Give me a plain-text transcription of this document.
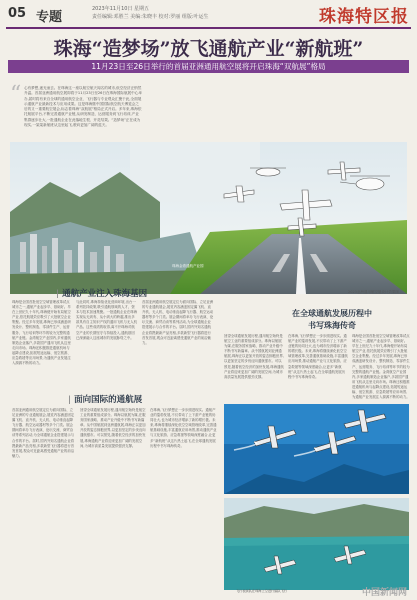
05 专题
2023年11月10日 星期五
责任编辑:邓胜兰 美编:朱晓丰 校对:罗丽 组版:叶运生	珠海特区报
珠海“造梦场”放飞通航产业“新航班”
11月23日至26日举行的首届亚洲通用航空展将开启珠海“双航展”格局
“ 心有梦想,逐光而去。在珠海这一座以航空航天闻名的城市,低空经济正悄然升温。首届亚洲通用航空展即将于11月23日至26日在珠海国际航展中心举办,届时将有来自全球的通用航空企业、飞行器与专业观众汇聚于此,全面展示通航产业最新技术与应用成果。这是珠海继中国国际航空航天博览会之后的又一重要航空展会,标志着珠海“双航展”格局正式开启。多年来,珠海依托航展平台,不断完善通航产业链,从研发制造、运营服务到飞行培训,产业集群逐步壮大,一批通航企业在此落地生根、开花结果。“造梦场”正在成为现实,一架架新航班从这里起飞,驶向更加广阔的蓝天。
珠海金湾通航产业园
2023亚洲通用航空展设计效果图
| 通航产业注入珠海基因
珠海是全国首批低空空域管理改革试点城市之一,通航产业起步早、基础好。早在上世纪九十年代,珠海便开始布局航空产业,依托航展效应吸引了大批航空企业集聚。经过多年发展,珠海已形成涵盖研发设计、整机制造、零部件生产、运营服务、飞行培训等环节的较为完整的通航产业链。金湾航空产业园内,多家通航制造企业落户,多款国产通用飞机从这里走向市场。珠海还积极推进通航机场与起降点建设,拓展短途运输、低空旅游、应急救援等应用场景,为通航产业发展注入源源不断的动力。
与此同时,珠海持续优化营商环境,出台一系列扶持政策,吸引通航领域的人才、资本与技术加速集聚。一批通航企业在珠海实现从无到有、从小到大的跨越,推出多款具有自主知识产权的通用飞机与无人机产品。这些成绩的取得,离不开珠海对航空产业的长期坚守与持续投入,通航基因已深深融入这座城市的发展脉络之中。
首届亚洲通用航空展定位为面向国际、立足亚洲的专业通航展会,展览内容涵盖固定翼飞机、直升机、无人机、电动垂直起降飞行器、航空运动器材等多个门类。展会期间将举办飞行表演、论坛交流、商贸洽谈等系列活动,为全球通航企业搭建展示与合作的平台。届时,国内外知名通航企业将携最新产品亮相,多款新型飞行器将进行首发首展,观众可近距离感受通航产业的前沿魅力。
在全球通航发展历程中
书写珠海传奇
回望全球通航发展历程,通用航空始终是航空工业的重要组成部分。珠海以航展为媒,在服务国家战略、推动产业升级中不断书写新篇章。从中国航展到亚洲通航展,珠海正以更加开放的姿态拥抱世界,以更加坚定的步伐迈向通航强市。可以预见,随着低空经济的加快发展,珠海通航产业将迎来更加广阔的发展空间,为城市高质量发展提供强劲支撑。
在珠海,飞行梦想正一步步照进现实。通航产业的蓬勃发展,不仅带动了上下游产业链的协同壮大,也为城市经济增添了新的增长极。未来,珠海将继续深化低空空域管理改革,完善通航基础设施,丰富通航应用场景,推动通航产业与文化旅游、应急救援等领域深度融合,让更多“新航班”从这片热土起飞,在全球通航发展历程中书写珠海传奇。
珠海是全国首批低空空域管理改革试点城市之一,通航产业起步早、基础好。早在上世纪九十年代,珠海便开始布局航空产业,依托航展效应吸引了大批航空企业集聚。经过多年发展,珠海已形成涵盖研发设计、整机制造、零部件生产、运营服务、飞行培训等环节的较为完整的通航产业链。金湾航空产业园内,多家通航制造企业落户,多款国产通用飞机从这里走向市场。珠海还积极推进通航机场与起降点建设,拓展短途运输、低空旅游、应急救援等应用场景,为通航产业发展注入源源不断的动力。
| 面向国际的通航展
首届亚洲通用航空展定位为面向国际、立足亚洲的专业通航展会,展览内容涵盖固定翼飞机、直升机、无人机、电动垂直起降飞行器、航空运动器材等多个门类。展会期间将举办飞行表演、论坛交流、商贸洽谈等系列活动,为全球通航企业搭建展示与合作的平台。届时,国内外知名通航企业将携最新产品亮相,多款新型飞行器将进行首发首展,观众可近距离感受通航产业的前沿魅力。
回望全球通航发展历程,通用航空始终是航空工业的重要组成部分。珠海以航展为媒,在服务国家战略、推动产业升级中不断书写新篇章。从中国航展到亚洲通航展,珠海正以更加开放的姿态拥抱世界,以更加坚定的步伐迈向通航强市。可以预见,随着低空经济的加快发展,珠海通航产业将迎来更加广阔的发展空间,为城市高质量发展提供强劲支撑。
在珠海,飞行梦想正一步步照进现实。通航产业的蓬勃发展,不仅带动了上下游产业链的协同壮大,也为城市经济增添了新的增长极。未来,珠海将继续深化低空空域管理改革,完善通航基础设施,丰富通航应用场景,推动通航产业与文化旅游、应急救援等领域深度融合,让更多“新航班”从这片热土起飞,在全球通航发展历程中书写珠海传奇。
飞行表演队在珠海上空进行编队飞行	中国新闻网
